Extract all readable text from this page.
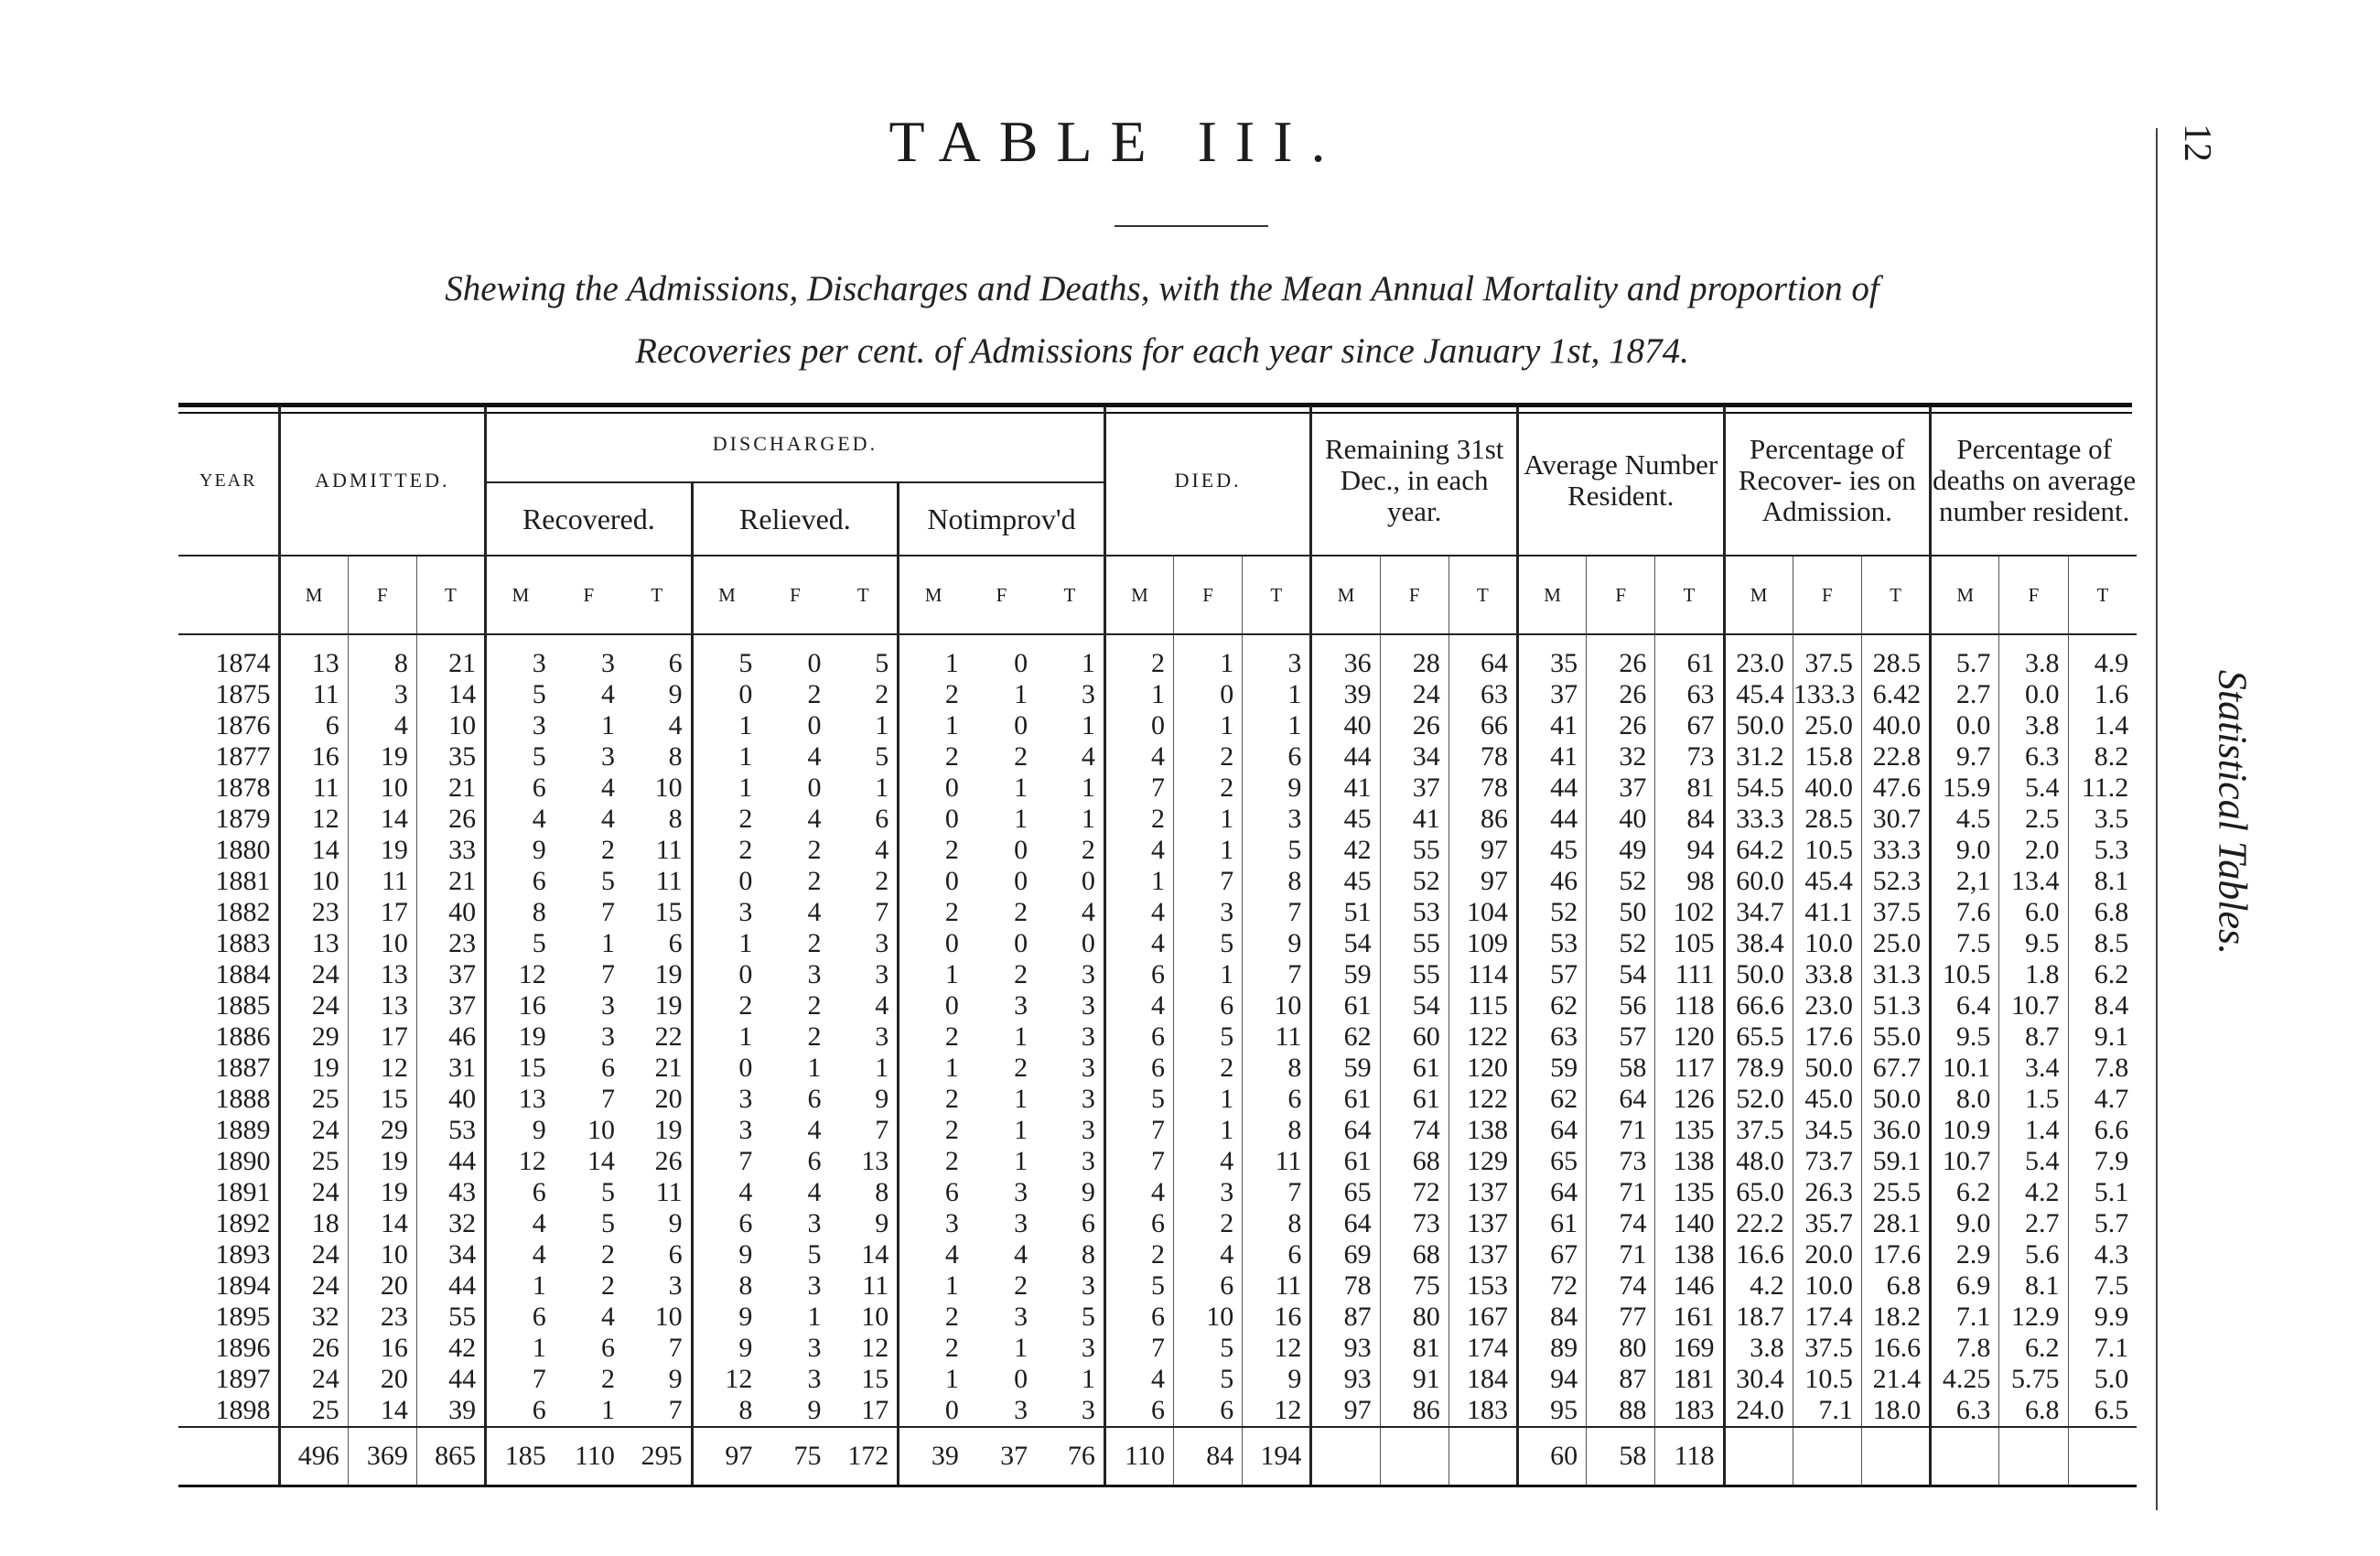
TABLE III.
Shewing the Admissions, Discharges and Deaths, with the Mean Annual Mortality and proportion of
Recoveries per cent. of Admissions for each year since January 1st, 1874.
12
Statistical Tables.
YEAR	ADMITTED.			DISCHARGED.									DIED.			Remaining 31st Dec., in each year.			Average Number Resident.			Percentage of Recover- ies on Admission.			Percentage of deaths on average number resident.		
				Recovered.			Relieved.			Notimprov'd																	
	M	F	T	M	F	T	M	F	T	M	F	T	M	F	T	M	F	T	M	F	T	M	F	T	M	F	T
1874	13	8	21	3	3	6	5	0	5	1	0	1	2	1	3	36	28	64	35	26	61	23.0	37.5	28.5	5.7	3.8	4.9
1875	11	3	14	5	4	9	0	2	2	2	1	3	1	0	1	39	24	63	37	26	63	45.4	133.3	6.42	2.7	0.0	1.6
1876	6	4	10	3	1	4	1	0	1	1	0	1	0	1	1	40	26	66	41	26	67	50.0	25.0	40.0	0.0	3.8	1.4
1877	16	19	35	5	3	8	1	4	5	2	2	4	4	2	6	44	34	78	41	32	73	31.2	15.8	22.8	9.7	6.3	8.2
1878	11	10	21	6	4	10	1	0	1	0	1	1	7	2	9	41	37	78	44	37	81	54.5	40.0	47.6	15.9	5.4	11.2
1879	12	14	26	4	4	8	2	4	6	0	1	1	2	1	3	45	41	86	44	40	84	33.3	28.5	30.7	4.5	2.5	3.5
1880	14	19	33	9	2	11	2	2	4	2	0	2	4	1	5	42	55	97	45	49	94	64.2	10.5	33.3	9.0	2.0	5.3
1881	10	11	21	6	5	11	0	2	2	0	0	0	1	7	8	45	52	97	46	52	98	60.0	45.4	52.3	2,1	13.4	8.1
1882	23	17	40	8	7	15	3	4	7	2	2	4	4	3	7	51	53	104	52	50	102	34.7	41.1	37.5	7.6	6.0	6.8
1883	13	10	23	5	1	6	1	2	3	0	0	0	4	5	9	54	55	109	53	52	105	38.4	10.0	25.0	7.5	9.5	8.5
1884	24	13	37	12	7	19	0	3	3	1	2	3	6	1	7	59	55	114	57	54	111	50.0	33.8	31.3	10.5	1.8	6.2
1885	24	13	37	16	3	19	2	2	4	0	3	3	4	6	10	61	54	115	62	56	118	66.6	23.0	51.3	6.4	10.7	8.4
1886	29	17	46	19	3	22	1	2	3	2	1	3	6	5	11	62	60	122	63	57	120	65.5	17.6	55.0	9.5	8.7	9.1
1887	19	12	31	15	6	21	0	1	1	1	2	3	6	2	8	59	61	120	59	58	117	78.9	50.0	67.7	10.1	3.4	7.8
1888	25	15	40	13	7	20	3	6	9	2	1	3	5	1	6	61	61	122	62	64	126	52.0	45.0	50.0	8.0	1.5	4.7
1889	24	29	53	9	10	19	3	4	7	2	1	3	7	1	8	64	74	138	64	71	135	37.5	34.5	36.0	10.9	1.4	6.6
1890	25	19	44	12	14	26	7	6	13	2	1	3	7	4	11	61	68	129	65	73	138	48.0	73.7	59.1	10.7	5.4	7.9
1891	24	19	43	6	5	11	4	4	8	6	3	9	4	3	7	65	72	137	64	71	135	65.0	26.3	25.5	6.2	4.2	5.1
1892	18	14	32	4	5	9	6	3	9	3	3	6	6	2	8	64	73	137	61	74	140	22.2	35.7	28.1	9.0	2.7	5.7
1893	24	10	34	4	2	6	9	5	14	4	4	8	2	4	6	69	68	137	67	71	138	16.6	20.0	17.6	2.9	5.6	4.3
1894	24	20	44	1	2	3	8	3	11	1	2	3	5	6	11	78	75	153	72	74	146	4.2	10.0	6.8	6.9	8.1	7.5
1895	32	23	55	6	4	10	9	1	10	2	3	5	6	10	16	87	80	167	84	77	161	18.7	17.4	18.2	7.1	12.9	9.9
1896	26	16	42	1	6	7	9	3	12	2	1	3	7	5	12	93	81	174	89	80	169	3.8	37.5	16.6	7.8	6.2	7.1
1897	24	20	44	7	2	9	12	3	15	1	0	1	4	5	9	93	91	184	94	87	181	30.4	10.5	21.4	4.25	5.75	5.0
1898	25	14	39	6	1	7	8	9	17	0	3	3	6	6	12	97	86	183	95	88	183	24.0	7.1	18.0	6.3	6.8	6.5
	496	369	865	185	110	295	97	75	172	39	37	76	110	84	194				60	58	118						
